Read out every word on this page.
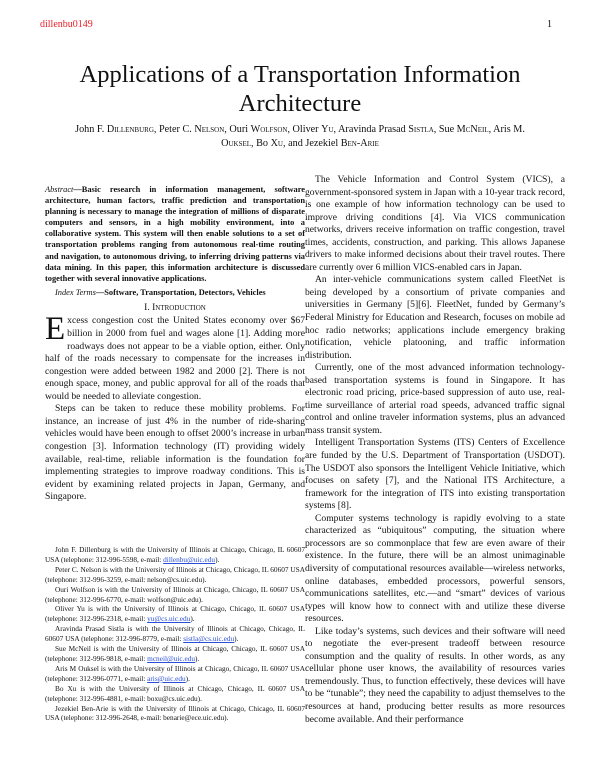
dillenbu0149	1
Applications of a Transportation Information Architecture
John F. Dillenburg, Peter C. Nelson, Ouri Wolfson, Oliver Yu, Aravinda Prasad Sistla, Sue McNeil, Aris M. Ouksel, Bo Xu, and Jezekiel Ben-Arie

Abstract—Basic research in information management, software architecture, human factors, traffic prediction and transportation planning is necessary to manage the integration of millions of disparate computers and sensors, in a high mobility environment, into a collaborative system. This system will then enable solutions to a set of transportation problems ranging from autonomous real-time routing and navigation, to autonomous driving, to inferring driving patterns via data mining. In this paper, this information architecture is discussed together with several innovative applications.

Index Terms—Software, Transportation, Detectors, Vehicles

I. Introduction

Excess congestion cost the United States economy over $67 billion in 2000 from fuel and wages alone [1]. Adding more roadways does not appear to be a viable option, either. Only half of the roads necessary to compensate for the increases in congestion were added between 1982 and 2000 [2]. There is not enough space, money, and public approval for all of the roads that would be needed to alleviate congestion.

Steps can be taken to reduce these mobility problems. For instance, an increase of just 4% in the number of ride-sharing vehicles would have been enough to offset 2000’s increase in urban congestion [3]. Information technology (IT) providing widely available, real-time, reliable information is the foundation for implementing strategies to improve roadway conditions. This is evident by examining related projects in Japan, Germany, and Singapore.

John F. Dillenburg is with the University of Illinois at Chicago, Chicago, IL 60607 USA (telephone: 312-996-5598, e-mail: dillenbu@uic.edu).

Peter C. Nelson is with the University of Illinois at Chicago, Chicago, IL 60607 USA (telephone: 312-996-3259, e-mail: nelson@cs.uic.edu).

Ouri Wolfson is with the University of Illinois at Chicago, Chicago, IL 60607 USA (telephone: 312-996-6770, e-mail: wolfson@uic.edu).

Oliver Yu is with the University of Illinois at Chicago, Chicago, IL 60607 USA (telephone: 312-996-2318, e-mail: yu@cs.uic.edu).

Aravinda Prasad Sistla is with the University of Illinois at Chicago, Chicago, IL 60607 USA (telephone: 312-996-8779, e-mail: sistla@cs.uic.edu).

Sue McNeil is with the University of Illinois at Chicago, Chicago, IL 60607 USA (telephone: 312-996-9818, e-mail: mcneil@uic.edu).

Aris M Ouksel is with the University of Illinois at Chicago, Chicago, IL 60607 USA (telephone: 312-996-0771, e-mail: aris@uic.edu).

Bo Xu is with the University of Illinois at Chicago, Chicago, IL 60607 USA (telephone: 312-996-4881, e-mail: boxu@cs.uic.edu).

Jezekiel Ben-Arie is with the University of Illinois at Chicago, Chicago, IL 60607 USA (telephone: 312-996-2648, e-mail: benarie@ece.uic.edu).

The Vehicle Information and Control System (VICS), a government-sponsored system in Japan with a 10-year track record, is one example of how information technology can be used to improve driving conditions [4]. Via VICS communication networks, drivers receive information on traffic congestion, travel times, accidents, construction, and parking. This allows Japanese drivers to make informed decisions about their travel routes. There are currently over 6 million VICS-enabled cars in Japan.

An inter-vehicle communications system called FleetNet is being developed by a consortium of private companies and universities in Germany [5][6]. FleetNet, funded by Germany’s Federal Ministry for Education and Research, focuses on mobile ad hoc radio networks; applications include emergency braking notification, vehicle platooning, and traffic information distribution.

Currently, one of the most advanced information technology-based transportation systems is found in Singapore. It has electronic road pricing, price-based suppression of auto use, real-time surveillance of arterial road speeds, advanced traffic signal control and online traveler information systems, plus an advanced mass transit system.

Intelligent Transportation Systems (ITS) Centers of Excellence are funded by the U.S. Department of Transportation (USDOT). The USDOT also sponsors the Intelligent Vehicle Initiative, which focuses on safety [7], and the National ITS Architecture, a framework for the integration of ITS into existing transportation systems [8].

Computer systems technology is rapidly evolving to a state characterized as “ubiquitous” computing, the situation where processors are so commonplace that few are even aware of their existence. In the future, there will be an almost unimaginable diversity of computational resources available—wireless networks, online databases, embedded processors, powerful sensors, communications satellites, etc.—and “smart” devices of various types will know how to connect with and utilize these diverse resources.

Like today’s systems, such devices and their software will need to negotiate the ever-present tradeoff between resource consumption and the quality of results. In other words, as any cellular phone user knows, the availability of resources varies tremendously. Thus, to function effectively, these devices will have to be “tunable”; they need the capability to adjust themselves to the resources at hand, producing better results as more resources become available. And their performance
